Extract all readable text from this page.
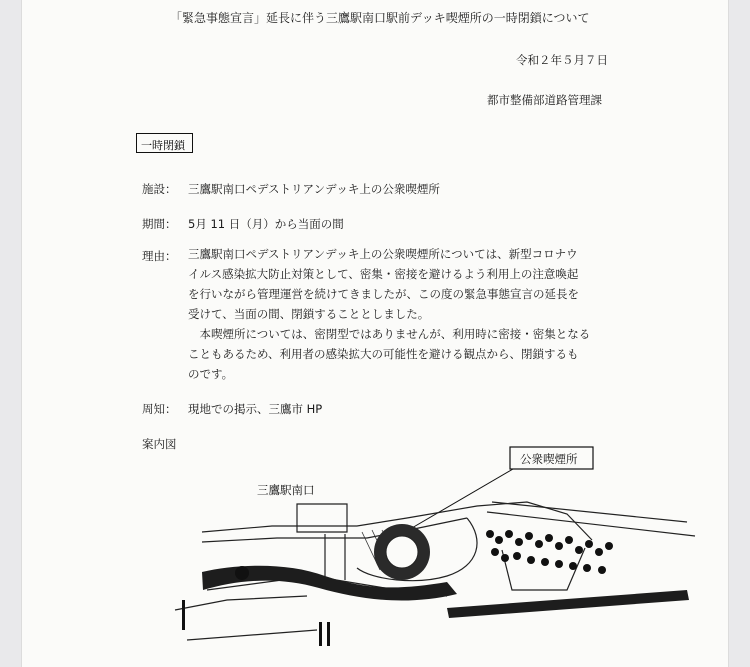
「緊急事態宣言」延長に伴う三鷹駅南口駅前デッキ喫煙所の一時閉鎖について
令和２年５月７日
都市整備部道路管理課
一時閉鎖
施設： 三鷹駅南口ペデストリアンデッキ上の公衆喫煙所
期間： 5月 11 日（月）から当面の間
理由： 三鷹駅南口ペデストリアンデッキ上の公衆喫煙所については、新型コロナウ
イルス感染拡大防止対策として、密集・密接を避けるよう利用上の注意喚起
を行いながら管理運営を続けてきましたが、この度の緊急事態宣言の延長を
受けて、当面の間、閉鎖することとしました。
　本喫煙所については、密閉型ではありませんが、利用時に密接・密集となる
こともあるため、利用者の感染拡大の可能性を避ける観点から、閉鎖するも
のです。
周知： 現地での掲示、三鷹市 HP
案内図
公衆喫煙所
三鷹駅南口
